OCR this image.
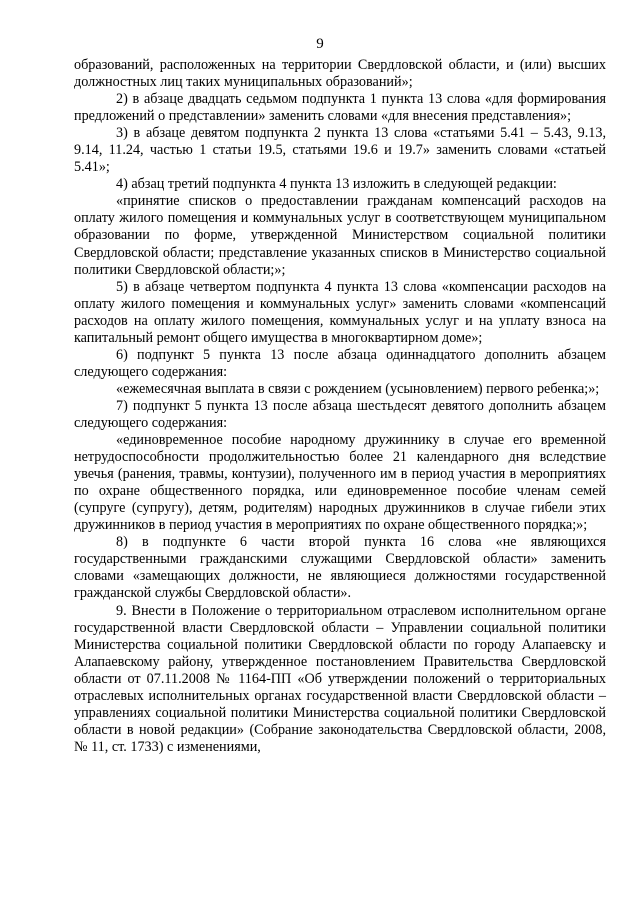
9

образований, расположенных на территории Свердловской области, и (или) высших должностных лиц таких муниципальных образований»;

2) в абзаце двадцать седьмом подпункта 1 пункта 13 слова «для формирования предложений о представлении» заменить словами «для внесения представления»;

3) в абзаце девятом подпункта 2 пункта 13 слова «статьями 5.41 – 5.43, 9.13, 9.14, 11.24, частью 1 статьи 19.5, статьями 19.6 и 19.7» заменить словами «статьей 5.41»;

4) абзац третий подпункта 4 пункта 13 изложить в следующей редакции:

«принятие списков о предоставлении гражданам компенсаций расходов на оплату жилого помещения и коммунальных услуг в соответствующем муниципальном образовании по форме, утвержденной Министерством социальной политики Свердловской области; представление указанных списков в Министерство социальной политики Свердловской области;»;

5) в абзаце четвертом подпункта 4 пункта 13 слова «компенсации расходов на оплату жилого помещения и коммунальных услуг» заменить словами «компенсаций расходов на оплату жилого помещения, коммунальных услуг и на уплату взноса на капитальный ремонт общего имущества в многоквартирном доме»;

6) подпункт 5 пункта 13 после абзаца одиннадцатого дополнить абзацем следующего содержания:

«ежемесячная выплата в связи с рождением (усыновлением) первого ребенка;»;

7) подпункт 5 пункта 13 после абзаца шестьдесят девятого дополнить абзацем следующего содержания:

«единовременное пособие народному дружиннику в случае его временной нетрудоспособности продолжительностью более 21 календарного дня вследствие увечья (ранения, травмы, контузии), полученного им в период участия в мероприятиях по охране общественного порядка, или единовременное пособие членам семей (супруге (супругу), детям, родителям) народных дружинников в случае гибели этих дружинников в период участия в мероприятиях по охране общественного порядка;»;

8) в подпункте 6 части второй пункта 16 слова «не являющихся государственными гражданскими служащими Свердловской области» заменить словами «замещающих должности, не являющиеся должностями государственной гражданской службы Свердловской области».

9. Внести в Положение о территориальном отраслевом исполнительном органе государственной власти Свердловской области – Управлении социальной политики Министерства социальной политики Свердловской области по городу Алапаевску и Алапаевскому району, утвержденное постановлением Правительства Свердловской области от 07.11.2008 № 1164-ПП «Об утверждении положений о территориальных отраслевых исполнительных органах государственной власти Свердловской области – управлениях социальной политики Министерства социальной политики Свердловской области в новой редакции» (Собрание законодательства Свердловской области, 2008, № 11, ст. 1733) с изменениями,
